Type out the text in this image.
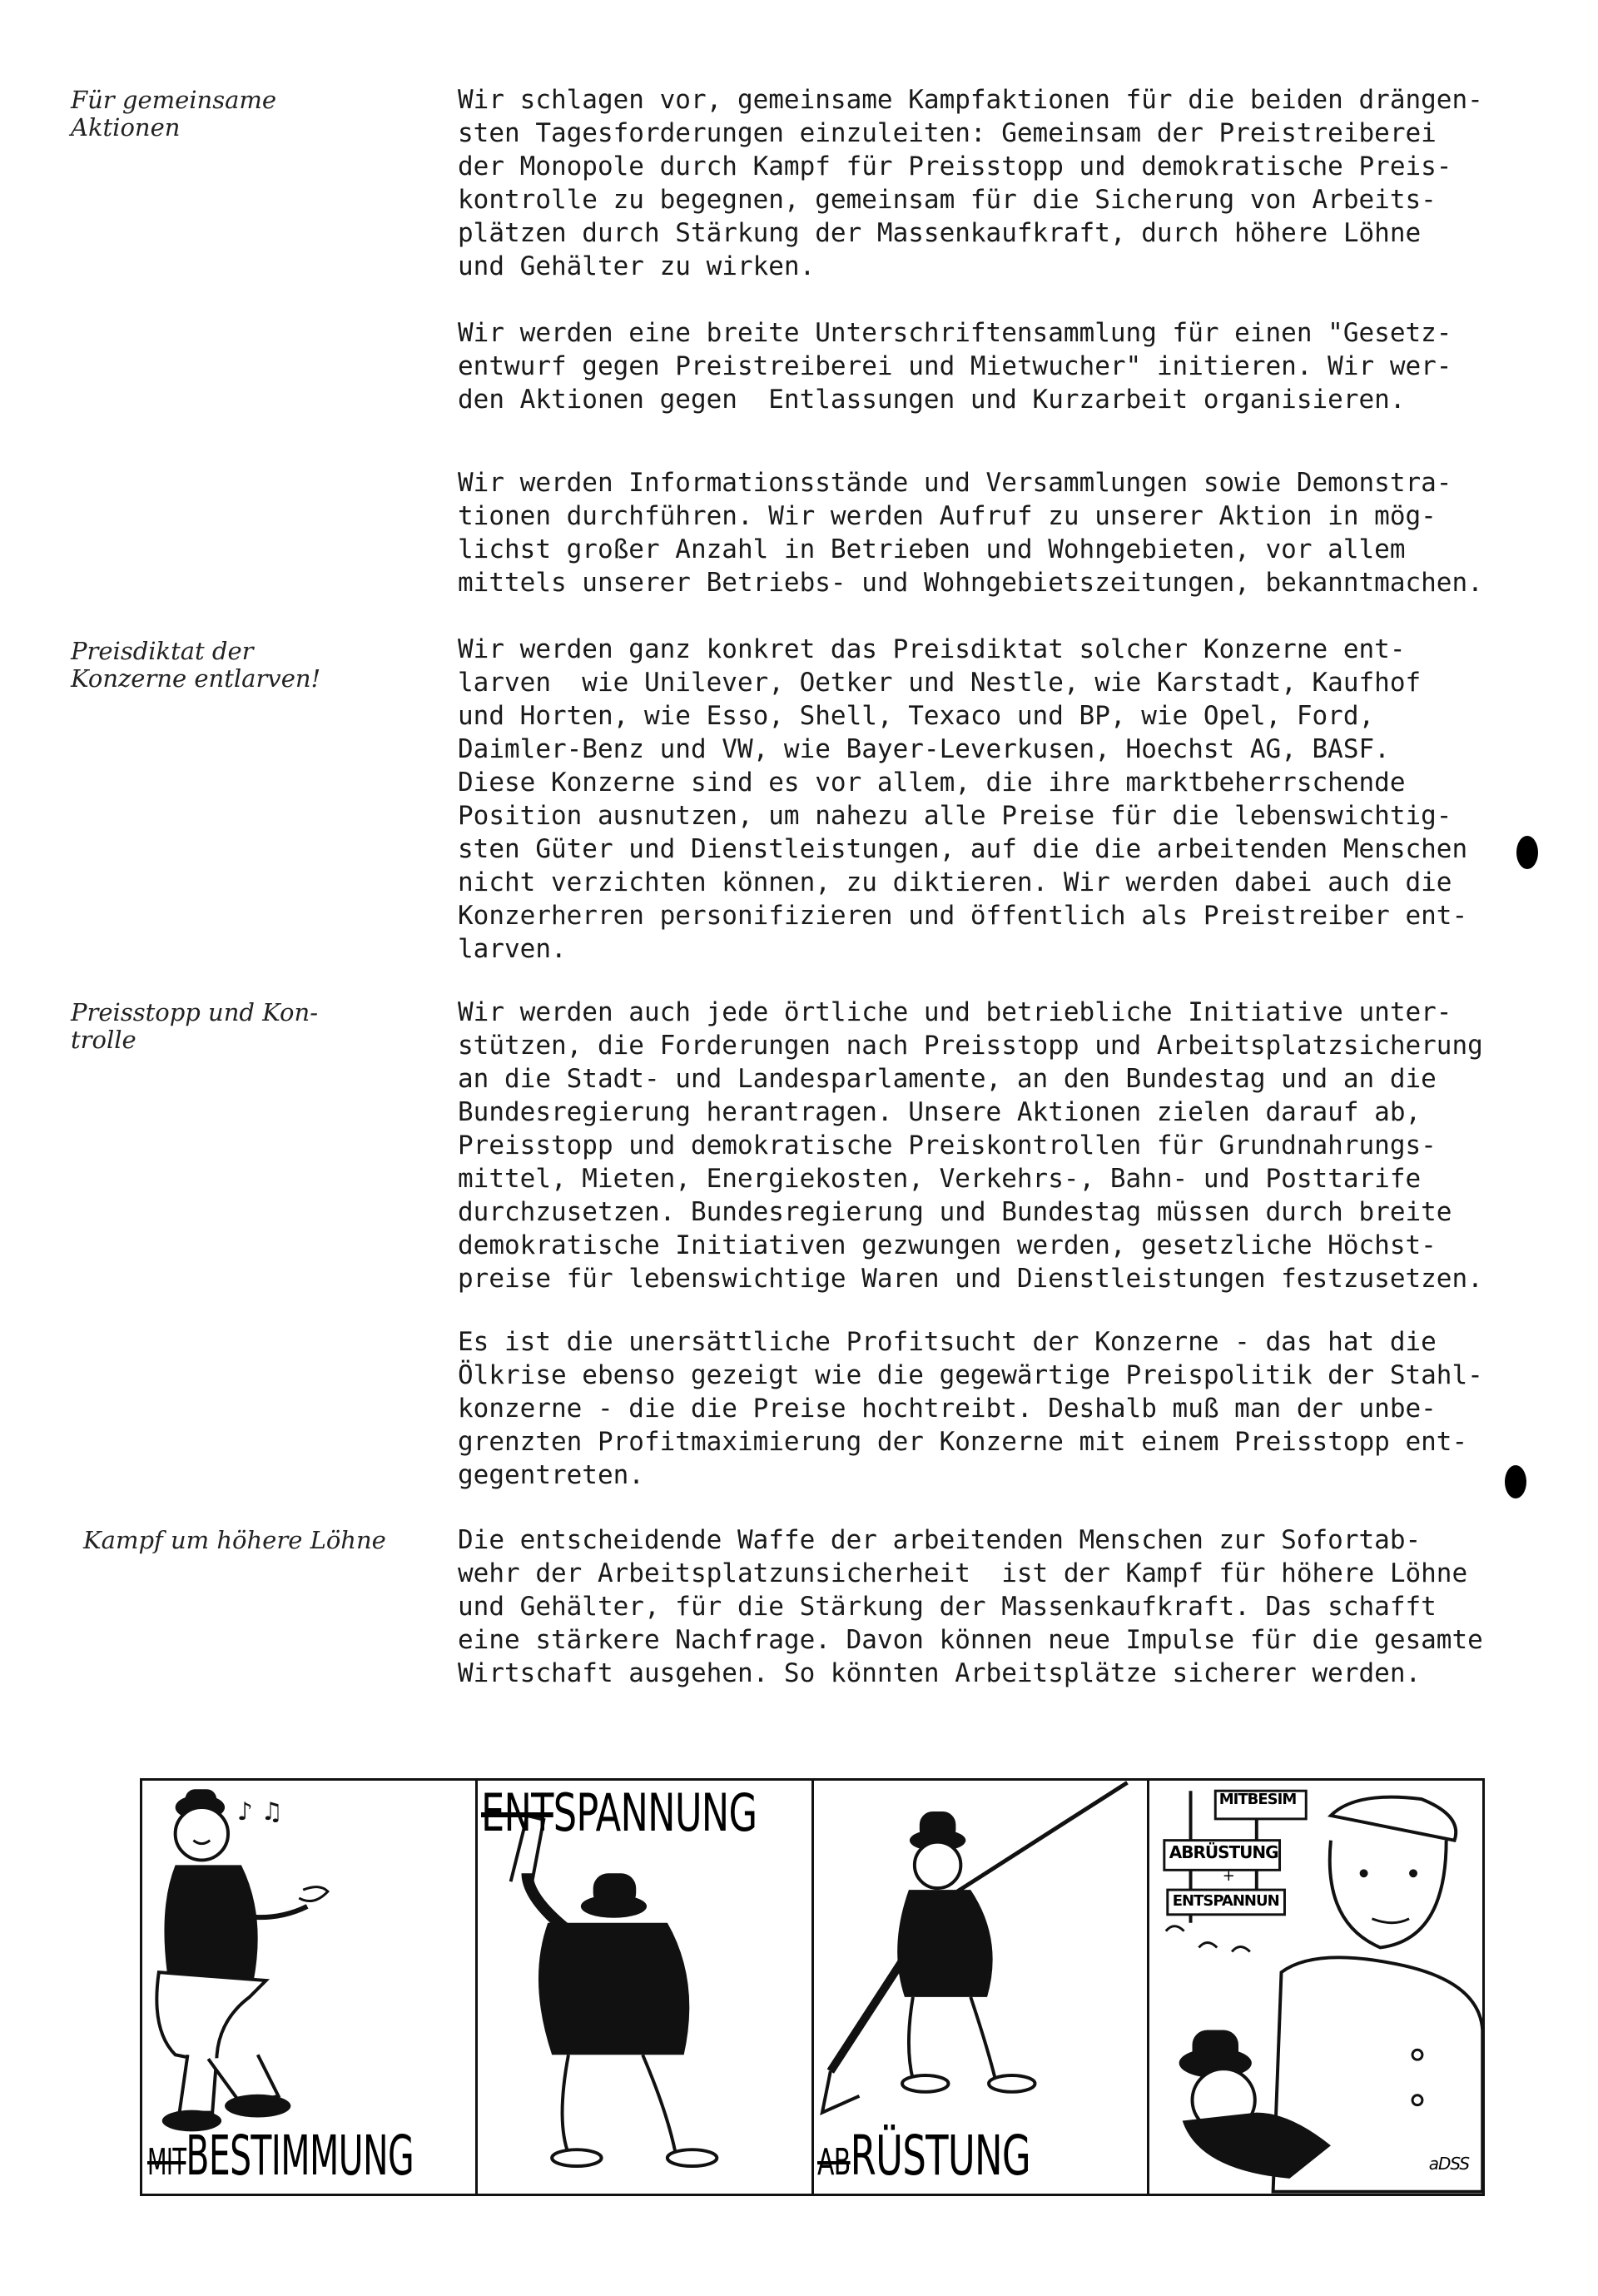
Für gemeinsame
Aktionen
Wir schlagen vor, gemeinsame Kampfaktionen für die beiden drängen-
sten Tagesforderungen einzuleiten: Gemeinsam der Preistreiberei
der Monopole durch Kampf für Preisstopp und demokratische Preis-
kontrolle zu begegnen, gemeinsam für die Sicherung von Arbeits-
plätzen durch Stärkung der Massenkaufkraft, durch höhere Löhne
und Gehälter zu wirken.
Wir werden eine breite Unterschriftensammlung für einen "Gesetz-
entwurf gegen Preistreiberei und Mietwucher" initieren. Wir wer-
den Aktionen gegen  Entlassungen und Kurzarbeit organisieren.
Wir werden Informationsstände und Versammlungen sowie Demonstra-
tionen durchführen. Wir werden Aufruf zu unserer Aktion in mög-
lichst großer Anzahl in Betrieben und Wohngebieten, vor allem
mittels unserer Betriebs- und Wohngebietszeitungen, bekanntmachen.
Preisdiktat der
Konzerne entlarven!
Wir werden ganz konkret das Preisdiktat solcher Konzerne ent-
larven  wie Unilever, Oetker und Nestle, wie Karstadt, Kaufhof
und Horten, wie Esso, Shell, Texaco und BP, wie Opel, Ford,
Daimler-Benz und VW, wie Bayer-Leverkusen, Hoechst AG, BASF.
Diese Konzerne sind es vor allem, die ihre marktbeherrschende
Position ausnutzen, um nahezu alle Preise für die lebenswichtig-
sten Güter und Dienstleistungen, auf die die arbeitenden Menschen
nicht verzichten können, zu diktieren. Wir werden dabei auch die
Konzerherren personifizieren und öffentlich als Preistreiber ent-
larven.
Preisstopp und Kon-
trolle
Wir werden auch jede örtliche und betriebliche Initiative unter-
stützen, die Forderungen nach Preisstopp und Arbeitsplatzsicherung
an die Stadt- und Landesparlamente, an den Bundestag und an die
Bundesregierung herantragen. Unsere Aktionen zielen darauf ab,
Preisstopp und demokratische Preiskontrollen für Grundnahrungs-
mittel, Mieten, Energiekosten, Verkehrs-, Bahn- und Posttarife
durchzusetzen. Bundesregierung und Bundestag müssen durch breite
demokratische Initiativen gezwungen werden, gesetzliche Höchst-
preise für lebenswichtige Waren und Dienstleistungen festzusetzen.
Es ist die unersättliche Profitsucht der Konzerne - das hat die
Ölkrise ebenso gezeigt wie die gegewärtige Preispolitik der Stahl-
konzerne - die die Preise hochtreibt. Deshalb muß man der unbe-
grenzten Profitmaximierung der Konzerne mit einem Preisstopp ent-
gegentreten.
Kampf um höhere Löhne	Die entscheidende Waffe der arbeitenden Menschen zur Sofortab-
wehr der Arbeitsplatzunsicherheit  ist der Kampf für höhere Löhne
und Gehälter, für die Stärkung der Massenkaufkraft. Das schafft
eine stärkere Nachfrage. Davon können neue Impulse für die gesamte
Wirtschaft ausgehen. So könnten Arbeitsplätze sicherer werden.
♪ ♫
MITBESTIMMUNG
ENTSPANNUNG
ABRÜSTUNG
MITBESIM
ABRÜSTUNG
+
ENTSPANNUN
aDSS
